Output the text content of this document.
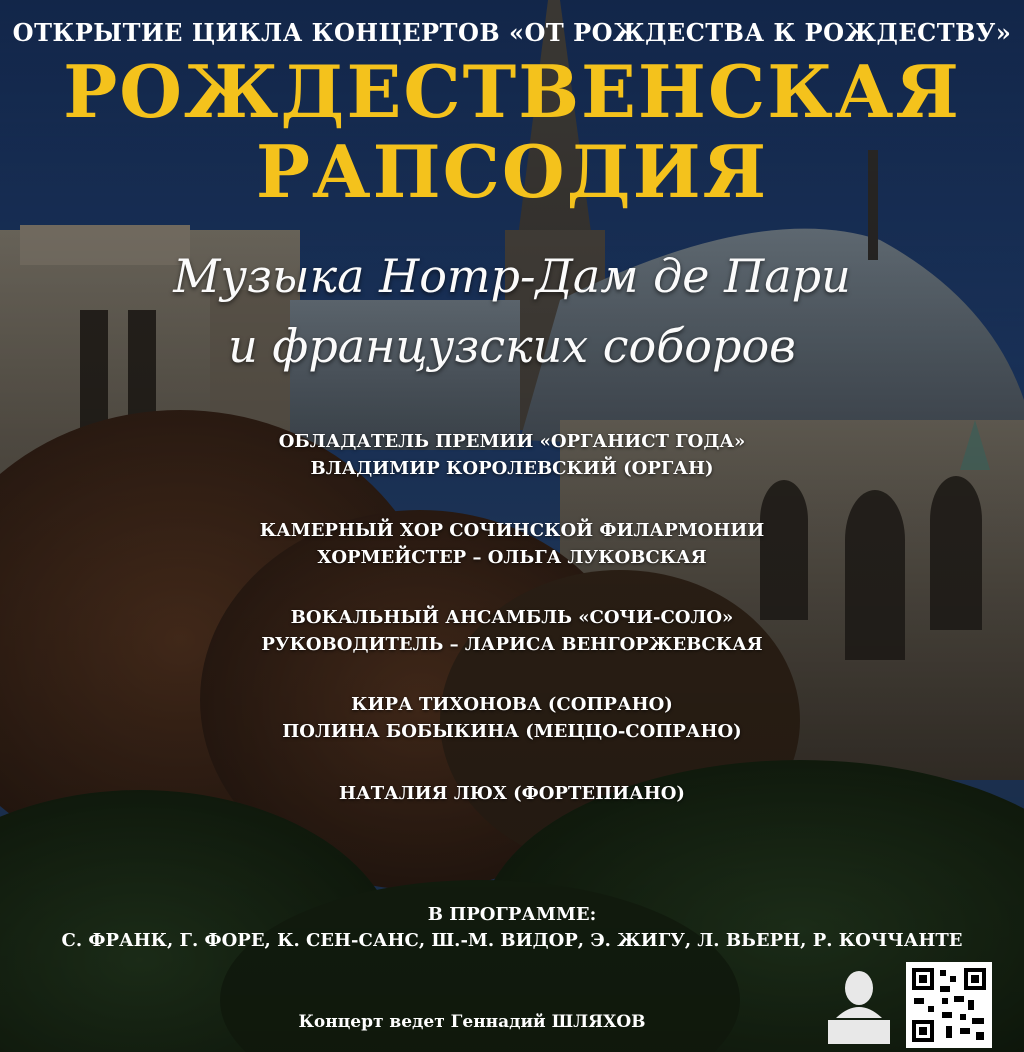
ОТКРЫТИЕ ЦИКЛА КОНЦЕРТОВ «ОТ РОЖДЕСТВА К РОЖДЕСТВУ»

РОЖДЕСТВЕНСКАЯ

РАПСОДИЯ

Музыка Нотр-Дам де Пари

и французских соборов

ОБЛАДАТЕЛЬ ПРЕМИИ «ОРГАНИСТ ГОДА»

ВЛАДИМИР КОРОЛЕВСКИЙ (ОРГАН)

КАМЕРНЫЙ ХОР СОЧИНСКОЙ ФИЛАРМОНИИ

ХОРМЕЙСТЕР – ОЛЬГА ЛУКОВСКАЯ

ВОКАЛЬНЫЙ АНСАМБЛЬ «СОЧИ-СОЛО»

РУКОВОДИТЕЛЬ – ЛАРИСА ВЕНГОРЖЕВСКАЯ

КИРА ТИХОНОВА (СОПРАНО)

ПОЛИНА БОБЫКИНА (МЕЦЦО-СОПРАНО)

НАТАЛИЯ ЛЮХ (ФОРТЕПИАНО)

В ПРОГРАММЕ:

С. ФРАНК, Г. ФОРЕ, К. СЕН-САНС, Ш.-М. ВИДОР, Э. ЖИГУ, Л. ВЬЕРН, Р. КОЧЧАНТЕ

Концерт ведет Геннадий ШЛЯХОВ
